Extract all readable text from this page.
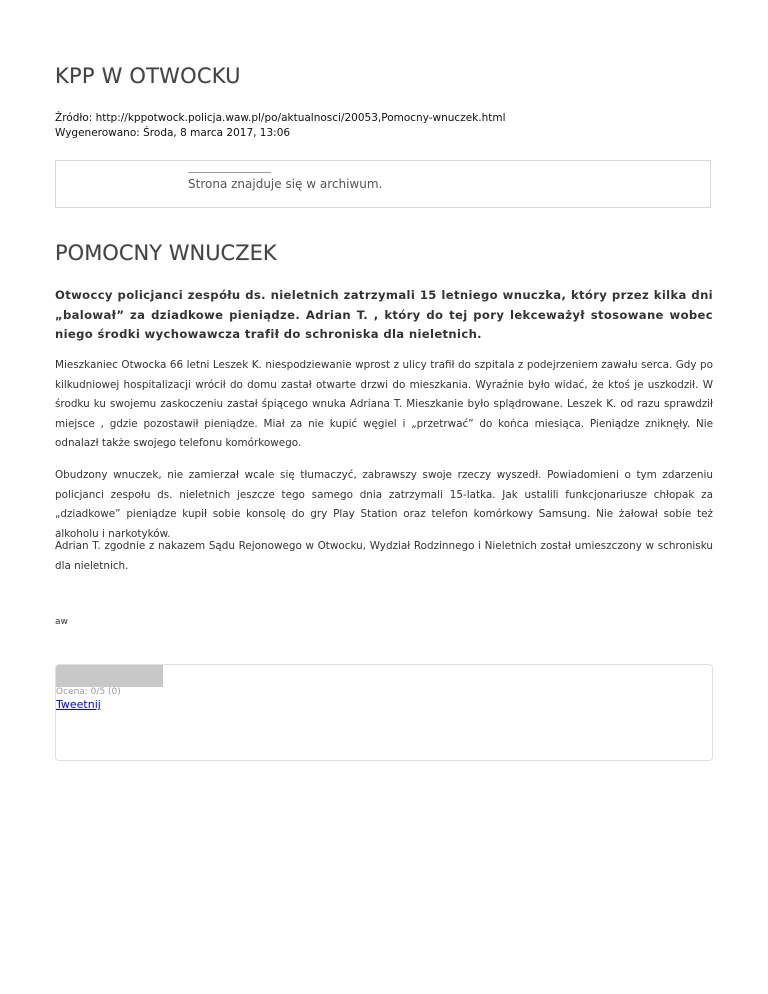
KPP W OTWOCKU
Źródło: http://kppotwock.policja.waw.pl/po/aktualnosci/20053,Pomocny-wnuczek.html
Wygenerowano: Środa, 8 marca 2017, 13:06
Strona znajduje się w archiwum.
POMOCNY WNUCZEK

Otwoccy policjanci zespółu ds. nieletnich zatrzymali 15 letniego wnuczka, który przez kilka dni „balował” za dziadkowe pieniądze. Adrian T. , który do tej pory lekceważył stosowane wobec niego środki wychowawcza trafił do schroniska dla nieletnich.

Mieszkaniec Otwocka 66 letni Leszek K. niespodziewanie wprost z ulicy trafił do szpitala z podejrzeniem zawału serca. Gdy po kilkudniowej hospitalizacji wrócił do domu zastał otwarte drzwi do mieszkania. Wyraźnie było widać, że ktoś je uszkodził. W środku ku swojemu zaskoczeniu zastał śpiącego wnuka Adriana T. Mieszkanie było splądrowane. Leszek K. od razu sprawdził miejsce , gdzie pozostawił pieniądze. Miał za nie kupić węgiel i „przetrwać” do końca miesiąca. Pieniądze zniknęły. Nie odnalazł także swojego telefonu komórkowego.

Obudzony wnuczek, nie zamierzał wcale się tłumaczyć, zabrawszy swoje rzeczy wyszedł. Powiadomieni o tym zdarzeniu policjanci zespołu ds. nieletnich jeszcze tego samego dnia zatrzymali 15-latka. Jak ustalili funkcjonariusze chłopak za „dziadkowe” pieniądze kupił sobie konsolę do gry Play Station oraz telefon komórkowy Samsung. Nie żałował sobie też alkoholu i narkotyków.

Adrian T. zgodnie z nakazem Sądu Rejonowego w Otwocku, Wydział Rodzinnego i Nieletnich został umieszczony w schronisku dla nieletnich.

aw
Ocena: 0/5 (0)
Tweetnij
